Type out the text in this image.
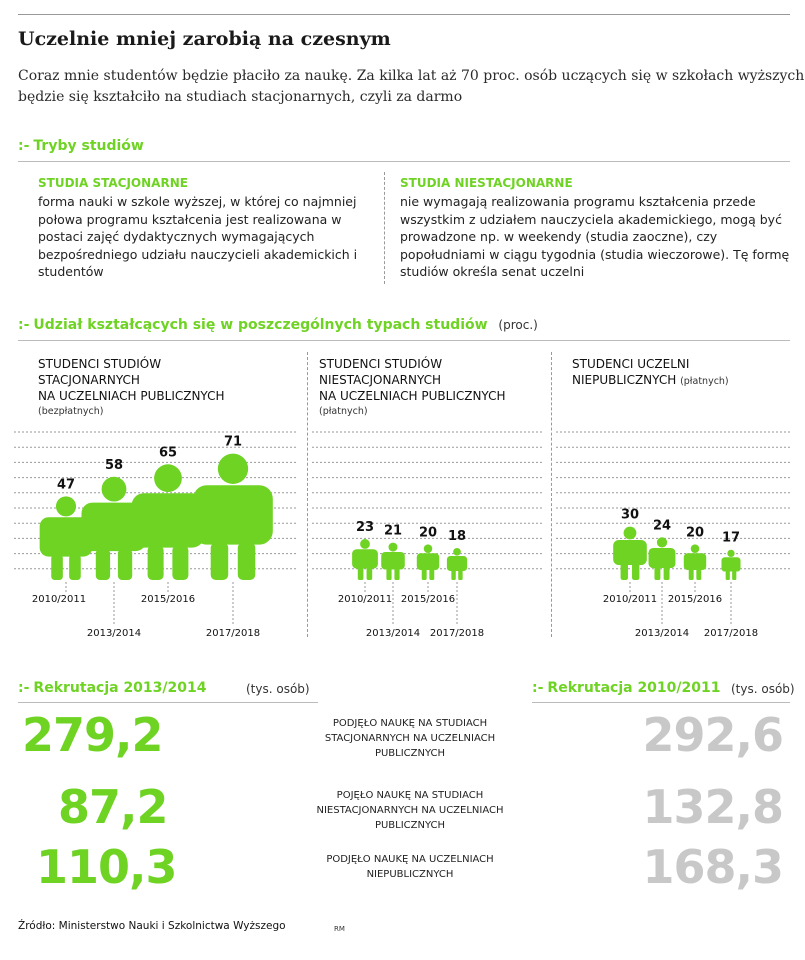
Uczelnie mniej zarobią na czesnym
Coraz mnie studentów będzie płaciło za naukę. Za kilka lat aż 70 proc. osób uczących się w szkołach wyższych będzie się kształciło na studiach stacjonarnych, czyli za darmo
:- Tryby studiów
STUDIA STACJONARNE
forma nauki w szkole wyższej, w której co najmniej połowa programu kształcenia jest realizowana w postaci zajęć dydaktycznych wymagających bezpośredniego udziału nauczycieli akademickich i studentów
STUDIA NIESTACJONARNE
nie wymagają realizowania programu kształcenia przede wszystkim z udziałem nauczyciela akademickiego, mogą być prowadzone np. w weekendy (studia zaoczne), czy popołudniami w ciągu tygodnia (studia wieczorowe). Tę formę studiów określa senat uczelni
:- Udział kształcących się w poszczególnych typach studiów (proc.)
STUDENCI STUDIÓW
STACJONARNYCH
NA UCZELNIACH PUBLICZNYCH
(bezpłatnych)
STUDENCI STUDIÓW
NIESTACJONARNYCH
NA UCZELNIACH PUBLICZNYCH
(płatnych)
STUDENCI UCZELNI
NIEPUBLICZNYCH (płatnych)
47
58
65
71
2010/2011
2013/2014
2015/2016
2017/2018
23 21 20 18
2010/2011
2013/2014
2015/2016
2017/2018
30
24 20 17
2010/2011
2013/2014
2015/2016
2017/2018
:- Rekrutacja 2013/2014	(tys. osób)	:- Rekrutacja 2010/2011 (tys. osób)
279,2	PODJĘŁO NAUKĘ NA STUDIACH
STACJONARNYCH NA UCZELNIACH
PUBLICZNYCH	292,6
87,2	POJĘŁO NAUKĘ NA STUDIACH
NIESTACJONARNYCH NA UCZELNIACH
PUBLICZNYCH	132,8
110,3	PODJĘŁO NAUKĘ NA UCZELNIACH
NIEPUBLICZNYCH	168,3
Źródło: Ministerstwo Nauki i Szkolnictwa Wyższego	RM
